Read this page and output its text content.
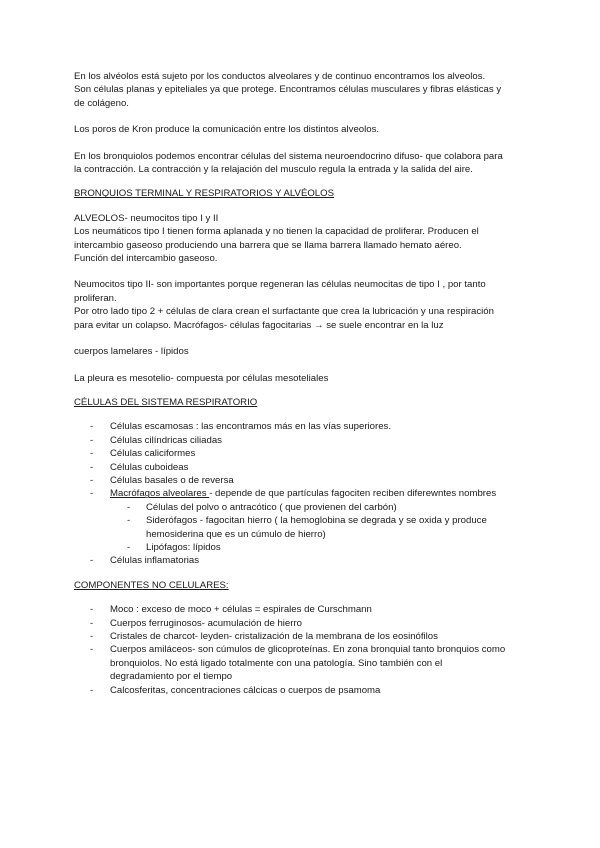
En los alvéolos está sujeto por los conductos alveolares y de continuo encontramos los alveolos.
Son células planas y epiteliales ya que protege. Encontramos células musculares y fibras elásticas y
de colágeno.

Los poros de Kron produce la comunicación entre los distintos alveolos.

En los bronquiolos podemos encontrar células del sistema neuroendocrino difuso- que colabora para
la contracción. La contracción y la relajación del musculo regula la entrada y la salida del aire.

BRONQUIOS TERMINAL Y RESPIRATORIOS Y ALVÉOLOS

ALVEOLOS- neumocitos tipo I y II
Los neumáticos tipo I tienen forma aplanada y no tienen la capacidad de proliferar. Producen el
intercambio gaseoso produciendo una barrera que se llama barrera llamado hemato aéreo.
Función del intercambio gaseoso.

Neumocitos tipo II- son importantes porque regeneran las células neumocitas de tipo I , por tanto
proliferan.
Por otro lado tipo 2 + células de clara crean el surfactante que crea la lubricación y una respiración
para evitar un colapso. Macrófagos- células fagocitarias → se suele encontrar en la luz

cuerpos lamelares - lípidos

La pleura es mesotelio- compuesta por células mesoteliales

CÉLULAS DEL SISTEMA RESPIRATORIO

- Células escamosas : las encontramos más en las vías superiores.
- Células cilíndricas ciliadas
- Células caliciformes
- Células cuboideas
- Células basales o de reversa
- Macrófagos alveolares - depende de que partículas fagociten reciben diferewntes nombres
- Células del polvo o antracótico ( que provienen del carbón)
- Siderófagos - fagocitan hierro ( la hemoglobina se degrada y se oxida y produce
hemosiderina que es un cúmulo de hierro)
- Lipófagos: lípidos
- Células inflamatorias

COMPONENTES NO CELULARES:

- Moco : exceso de moco + células = espirales de Curschmann
- Cuerpos ferruginosos- acumulación de hierro
- Cristales de charcot- leyden- cristalización de la membrana de los eosinófilos
- Cuerpos amiláceos- son cúmulos de glicoproteínas. En zona bronquial tanto bronquios como
bronquiolos. No está ligado totalmente con una patología. Sino también con el
degradamiento por el tiempo
- Calcosferitas, concentraciones cálcicas o cuerpos de psamoma
